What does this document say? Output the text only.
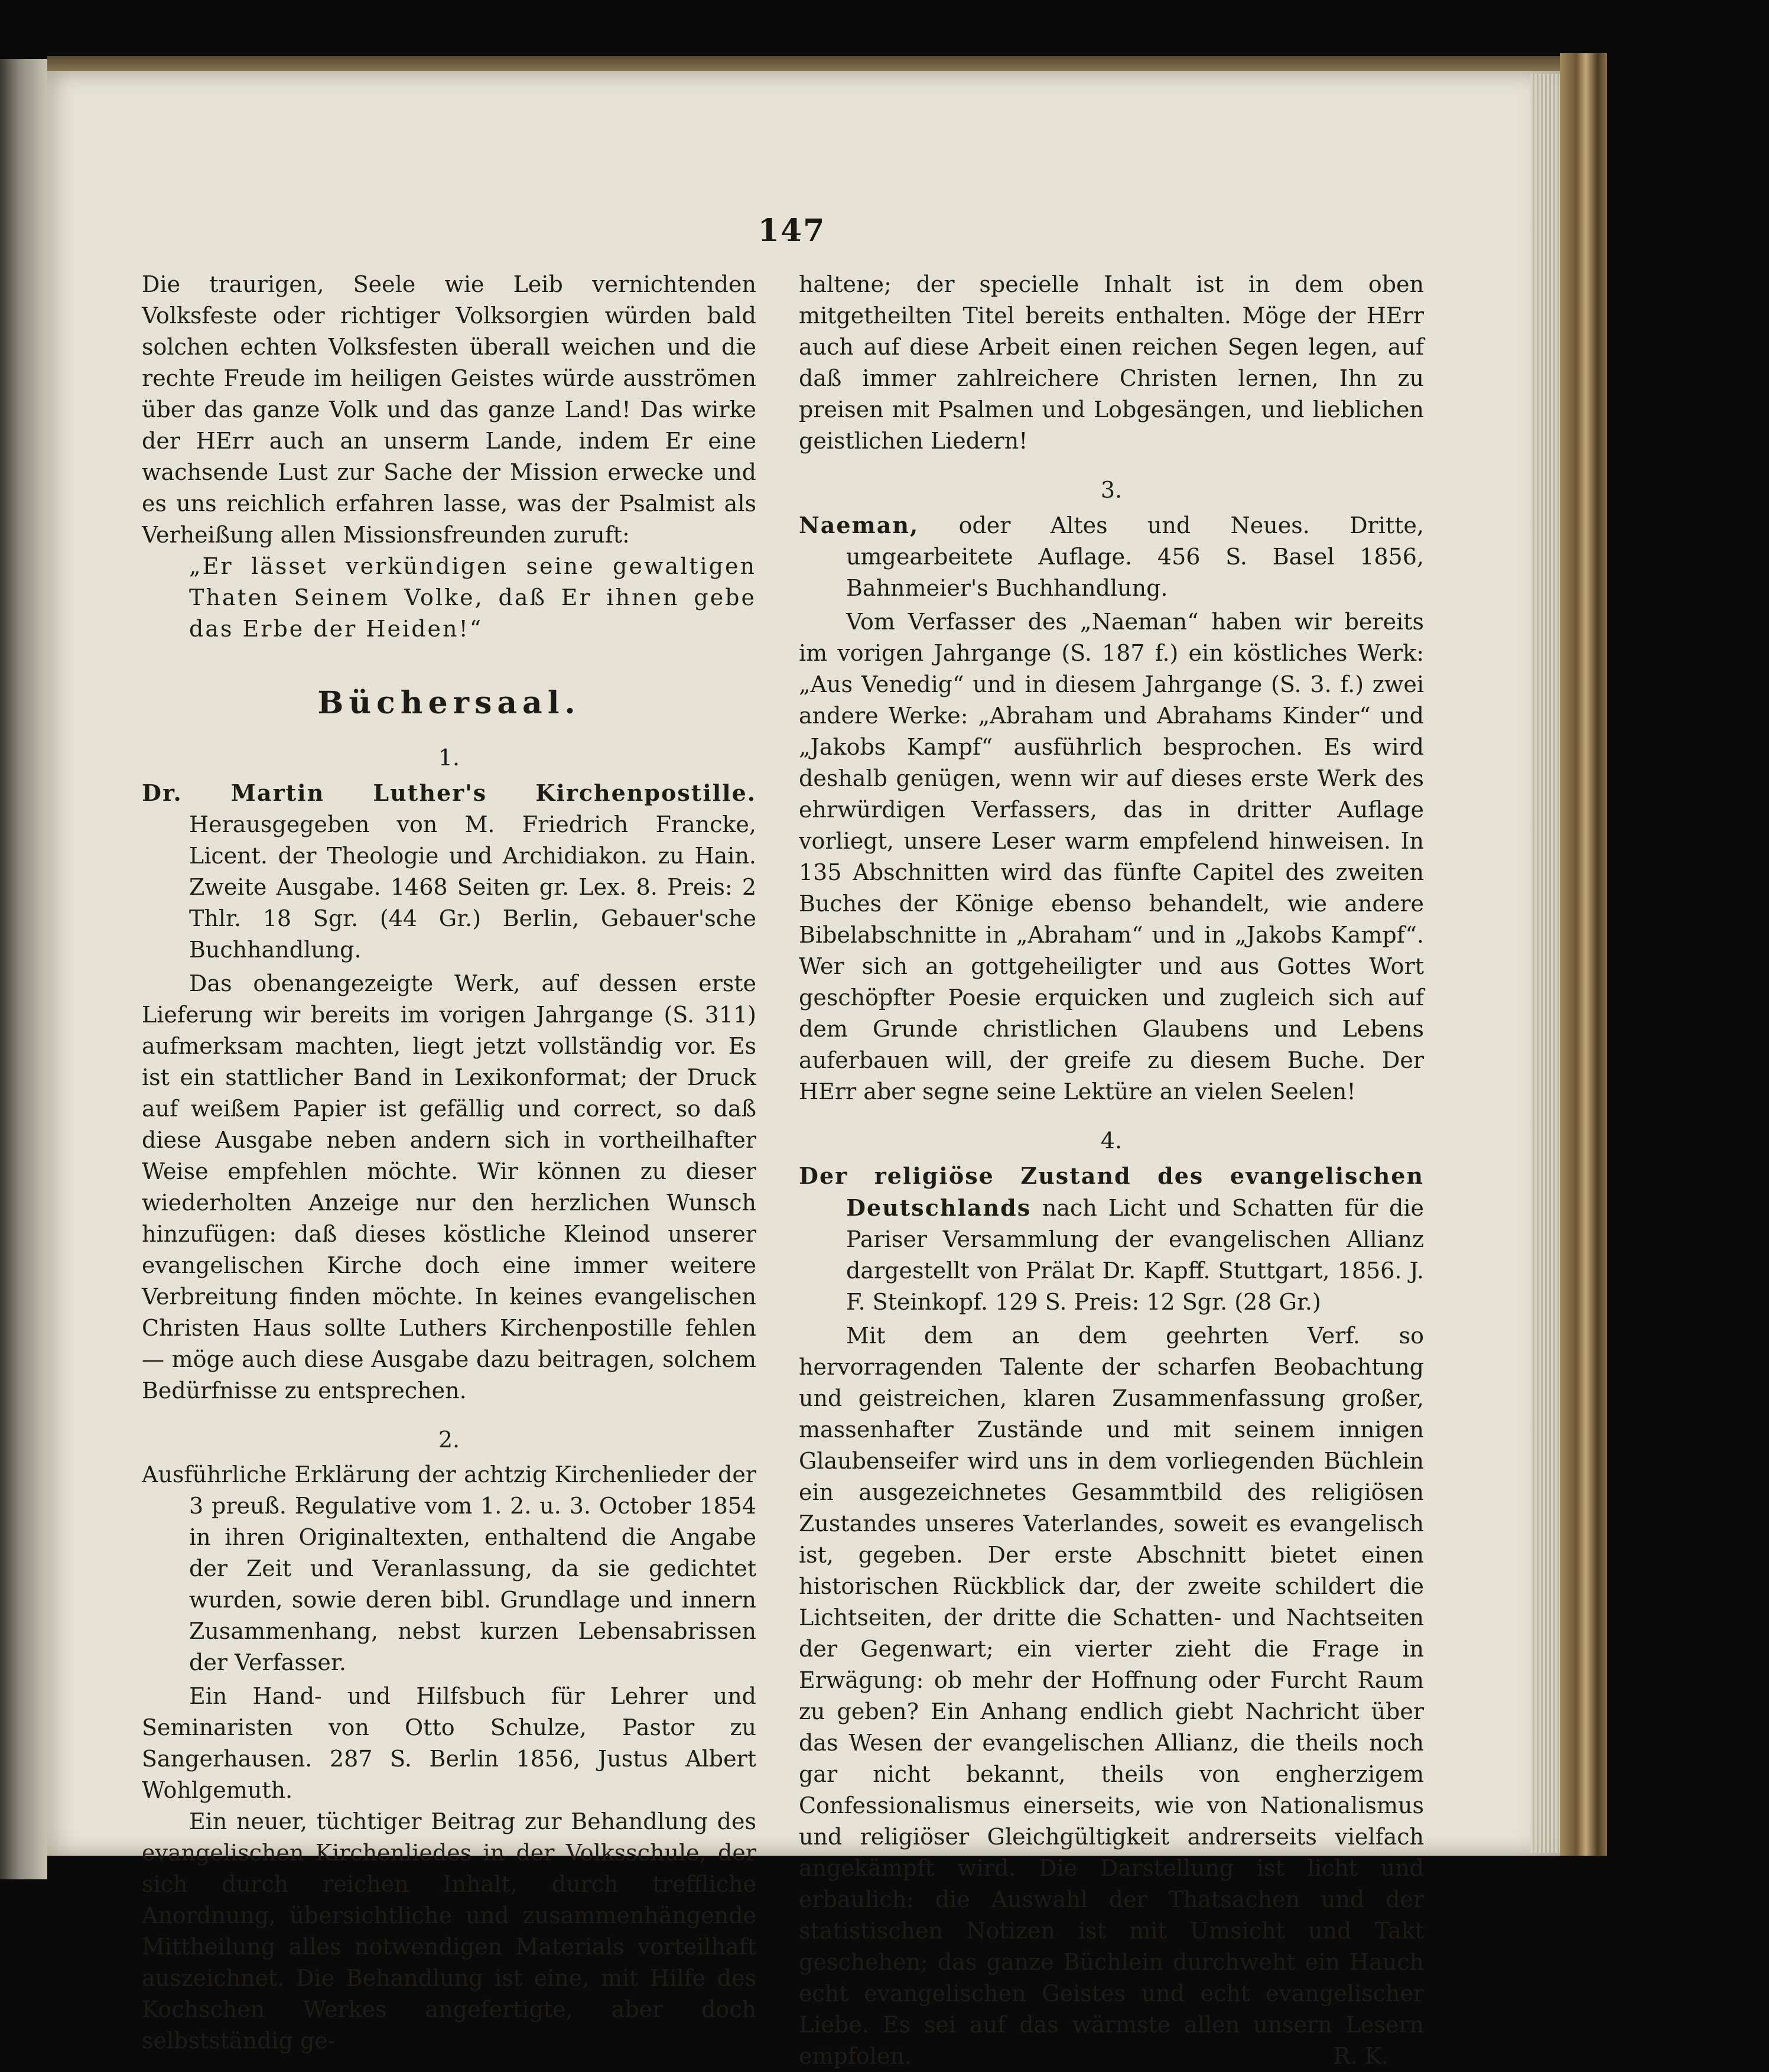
147

Die traurigen, Seele wie Leib vernichtenden Volksfeste oder richtiger Volksorgien würden bald solchen echten Volksfesten überall weichen und die rechte Freude im heiligen Geistes würde ausströmen über das ganze Volk und das ganze Land! Das wirke der HErr auch an unserm Lande, indem Er eine wachsende Lust zur Sache der Mission erwecke und es uns reichlich erfahren lasse, was der Psalmist als Verheißung allen Missionsfreunden zuruft:

„Er lässet verkündigen seine gewaltigen Thaten Seinem Volke, daß Er ihnen gebe das Erbe der Heiden!“

Büchersaal.
1.

Dr. Martin Luther's Kirchenpostille. Herausgegeben von M. Friedrich Francke, Licent. der Theologie und Archidiakon. zu Hain. Zweite Ausgabe. 1468 Seiten gr. Lex. 8. Preis: 2 Thlr. 18 Sgr. (44 Gr.) Berlin, Gebauer'sche Buchhandlung.

Das obenangezeigte Werk, auf dessen erste Lieferung wir bereits im vorigen Jahrgange (S. 311) aufmerksam machten, liegt jetzt vollständig vor. Es ist ein stattlicher Band in Lexikonformat; der Druck auf weißem Papier ist gefällig und correct, so daß diese Ausgabe neben andern sich in vortheilhafter Weise empfehlen möchte. Wir können zu dieser wiederholten Anzeige nur den herzlichen Wunsch hinzufügen: daß dieses köstliche Kleinod unserer evangelischen Kirche doch eine immer weitere Verbreitung finden möchte. In keines evangelischen Christen Haus sollte Luthers Kirchenpostille fehlen — möge auch diese Ausgabe dazu beitragen, solchem Bedürfnisse zu entsprechen.

2.

Ausführliche Erklärung der achtzig Kirchenlieder der 3 preuß. Regulative vom 1. 2. u. 3. October 1854 in ihren Originaltexten, enthaltend die Angabe der Zeit und Veranlassung, da sie gedichtet wurden, sowie deren bibl. Grundlage und innern Zusammenhang, nebst kurzen Lebensabrissen der Verfasser.

Ein Hand- und Hilfsbuch für Lehrer und Seminaristen von Otto Schulze, Pastor zu Sangerhausen. 287 S. Berlin 1856, Justus Albert Wohlgemuth.

Ein neuer, tüchtiger Beitrag zur Behandlung des evangelischen Kirchenliedes in der Volksschule, der sich durch reichen Inhalt, durch treffliche Anordnung, übersichtliche und zusammenhängende Mittheilung alles notwendigen Materials vorteilhaft auszeichnet. Die Behandlung ist eine, mit Hilfe des Kochschen Werkes angefertigte, aber doch selbstständig ge-

haltene; der specielle Inhalt ist in dem oben mitgetheilten Titel bereits enthalten. Möge der HErr auch auf diese Arbeit einen reichen Segen legen, auf daß immer zahlreichere Christen lernen, Ihn zu preisen mit Psalmen und Lobgesängen, und lieblichen geistlichen Liedern!

3.

Naeman, oder Altes und Neues. Dritte, umgearbeitete Auflage. 456 S. Basel 1856, Bahnmeier's Buchhandlung.

Vom Verfasser des „Naeman“ haben wir bereits im vorigen Jahrgange (S. 187 f.) ein köstliches Werk: „Aus Venedig“ und in diesem Jahrgange (S. 3. f.) zwei andere Werke: „Abraham und Abrahams Kinder“ und „Jakobs Kampf“ ausführlich besprochen. Es wird deshalb genügen, wenn wir auf dieses erste Werk des ehrwürdigen Verfassers, das in dritter Auflage vorliegt, unsere Leser warm empfelend hinweisen. In 135 Abschnitten wird das fünfte Capitel des zweiten Buches der Könige ebenso behandelt, wie andere Bibelabschnitte in „Abraham“ und in „Jakobs Kampf“. Wer sich an gottgeheiligter und aus Gottes Wort geschöpfter Poesie erquicken und zugleich sich auf dem Grunde christlichen Glaubens und Lebens auferbauen will, der greife zu diesem Buche. Der HErr aber segne seine Lektüre an vielen Seelen!

4.

Der religiöse Zustand des evangelischen Deutschlands nach Licht und Schatten für die Pariser Versammlung der evangelischen Allianz dargestellt von Prälat Dr. Kapff. Stuttgart, 1856. J. F. Steinkopf. 129 S. Preis: 12 Sgr. (28 Gr.)

Mit dem an dem geehrten Verf. so hervorragenden Talente der scharfen Beobachtung und geistreichen, klaren Zusammenfassung großer, massenhafter Zustände und mit seinem innigen Glaubenseifer wird uns in dem vorliegenden Büchlein ein ausgezeichnetes Gesammtbild des religiösen Zustandes unseres Vaterlandes, soweit es evangelisch ist, gegeben. Der erste Abschnitt bietet einen historischen Rückblick dar, der zweite schildert die Lichtseiten, der dritte die Schatten- und Nachtseiten der Gegenwart; ein vierter zieht die Frage in Erwägung: ob mehr der Hoffnung oder Furcht Raum zu geben? Ein Anhang endlich giebt Nachricht über das Wesen der evangelischen Allianz, die theils noch gar nicht bekannt, theils von engherzigem Confessionalismus einerseits, wie von Nationalismus und religiöser Gleichgültigkeit andrerseits vielfach angekämpft wird. Die Darstellung ist licht und erbaulich: die Auswahl der Thatsachen und der statistischen Notizen ist mit Umsicht und Takt geschehen; das ganze Büchlein durchweht ein Hauch echt evangelischen Geistes und echt evangelischer Liebe. Es sei auf das wärmste allen unsern Lesern empfolen.	R. K.
